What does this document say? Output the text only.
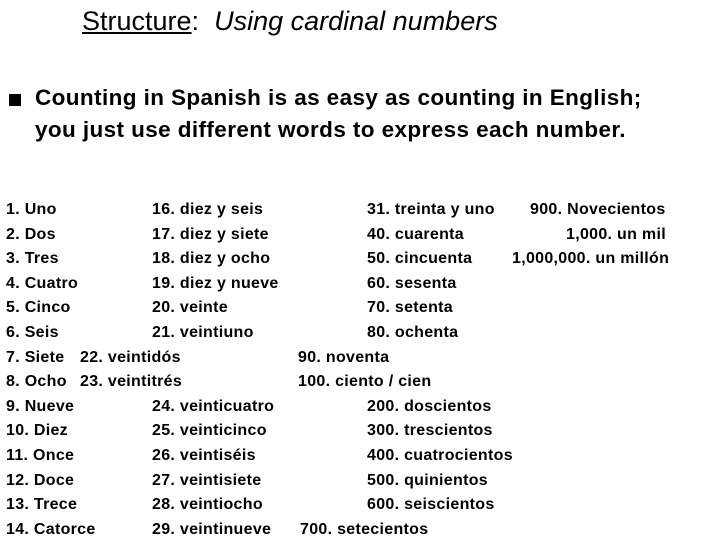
Structure: Using cardinal numbers
Counting in Spanish is as easy as counting in English; you just use different words to express each number.
1. Uno	16. diez y seis	31. treinta y uno 900. Novecientos
2. Dos	17. diez y siete	40. cuarenta	1,000. un mil
3. Tres	18. diez y ocho	50. cincuenta 1,000,000. un millón
4. Cuatro	19. diez y nueve	60. sesenta
5. Cinco	20. veinte	70. setenta
6. Seis	21. veintiuno	80. ochenta
7. Siete 22. veintidós	90. noventa
8. Ocho 23. veintitrés	100. ciento / cien
9. Nueve	24. veinticuatro	200. doscientos
10. Diez	25. veinticinco	300. trescientos
11. Once	26. veintiséis	400. cuatrocientos
12. Doce	27. veintisiete	500. quinientos
13. Trece	28. veintiocho	600. seiscientos
14. Catorce	29. veintinueve 700. setecientos
